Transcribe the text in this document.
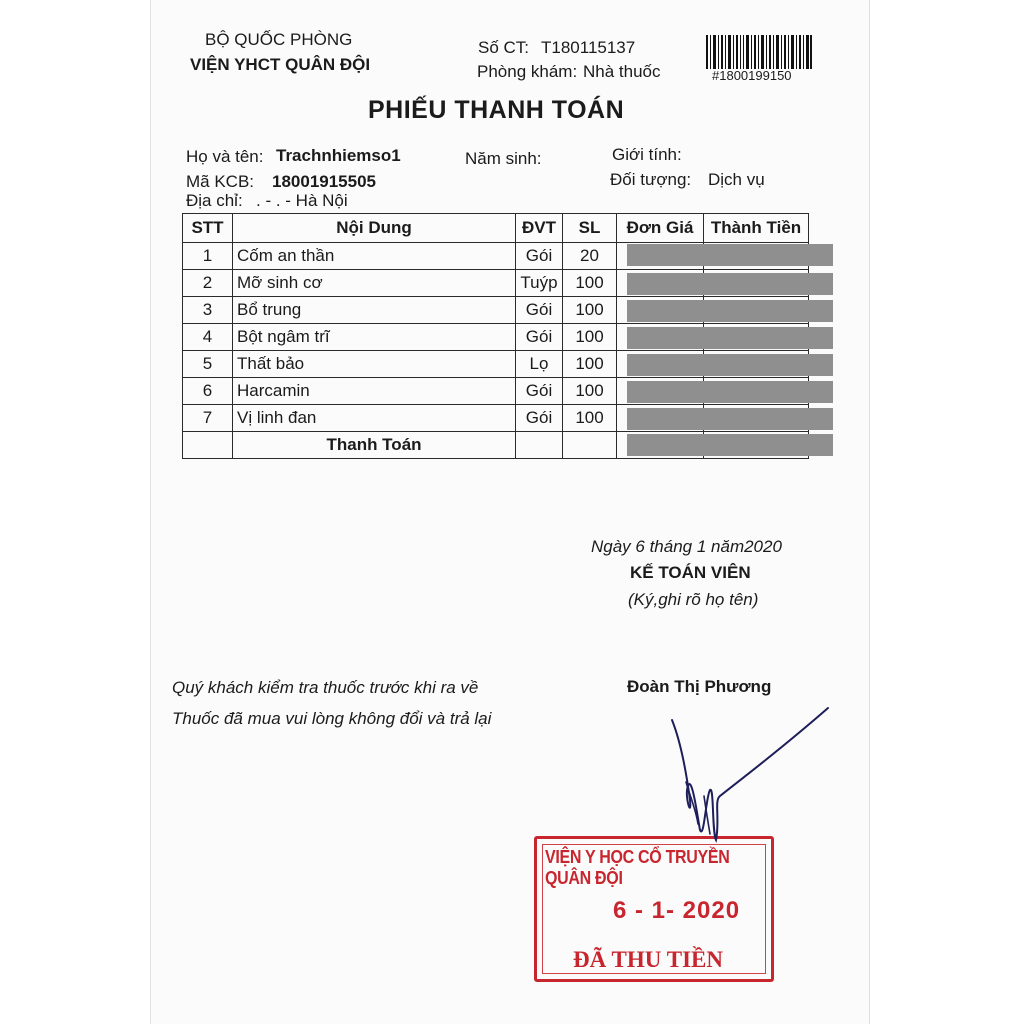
BỘ QUỐC PHÒNG
VIỆN YHCT QUÂN ĐỘI
Số CT: T180115137
Phòng khám: Nhà thuốc	#1800199150
PHIẾU THANH TOÁN
Họ và tên: Trachnhiemso1	Năm sinh:	Giới tính:
Mã KCB: 18001915505	Đối tượng: Dịch vụ
Địa chỉ: . - . - Hà Nội
STT	Nội Dung	ĐVT	SL	Đơn Giá	Thành Tiền
1	Cốm an thần	Gói	20		
2	Mỡ sinh cơ	Tuýp	100		
3	Bổ trung	Gói	100		
4	Bột ngâm trĩ	Gói	100		
5	Thất bảo	Lọ	100		
6	Harcamin	Gói	100		
7	Vị linh đan	Gói	100		
	Thanh Toán				
Ngày 6 tháng 1 năm2020
KẾ TOÁN VIÊN
(Ký,ghi rõ họ tên)
Đoàn Thị Phương
Quý khách kiểm tra thuốc trước khi ra về
Thuốc đã mua vui lòng không đổi và trả lại
VIỆN Y HỌC CỔ TRUYỀN QUÂN ĐỘI
6 - 1- 2020
ĐÃ THU TIỀN
